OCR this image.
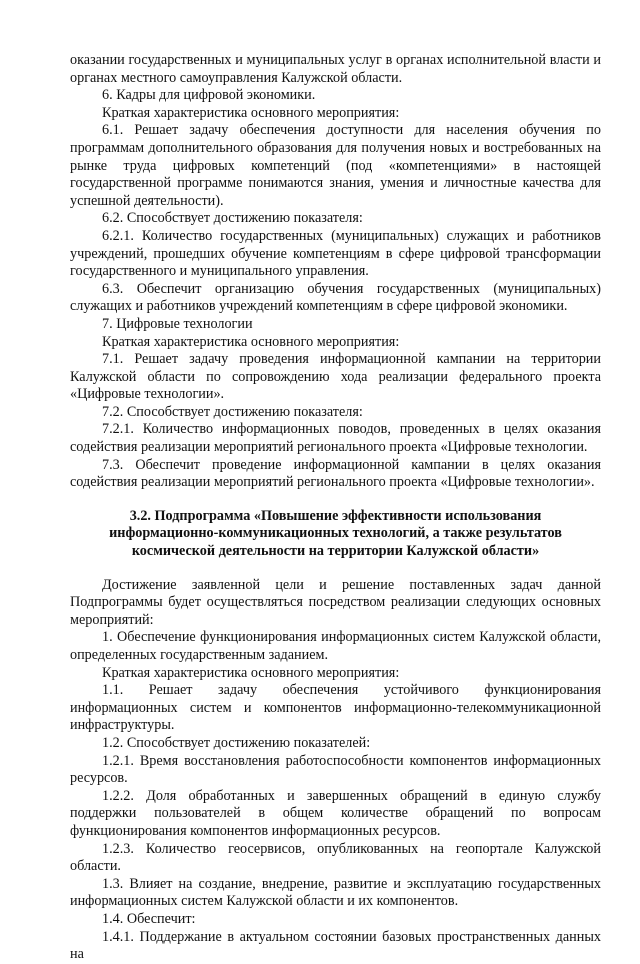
оказании государственных и муниципальных услуг в органах исполнительной власти и органах местного самоуправления Калужской области.

6. Кадры для цифровой экономики.

Краткая характеристика основного мероприятия:

6.1. Решает задачу обеспечения доступности для населения обучения по программам дополнительного образования для получения новых и востребованных на рынке труда цифровых компетенций (под «компетенциями» в настоящей государственной программе понимаются знания, умения и личностные качества для успешной деятельности).

6.2. Способствует достижению показателя:

6.2.1. Количество государственных (муниципальных) служащих и работников учреждений, прошедших обучение компетенциям в сфере цифровой трансформации государственного и муниципального управления.

6.3. Обеспечит организацию обучения государственных (муниципальных) служащих и работников учреждений компетенциям в сфере цифровой экономики.

7. Цифровые технологии

Краткая характеристика основного мероприятия:

7.1. Решает задачу проведения информационной кампании на территории Калужской области по сопровождению хода реализации федерального проекта «Цифровые технологии».

7.2. Способствует достижению показателя:

7.2.1. Количество информационных поводов, проведенных в целях оказания содействия реализации мероприятий регионального проекта «Цифровые технологии.

7.3. Обеспечит проведение информационной кампании в целях оказания содействия реализации мероприятий регионального проекта «Цифровые технологии».

3.2. Подпрограмма «Повышение эффективности использования информационно-коммуникационных технологий, а также результатов космической деятельности на территории Калужской области»

Достижение заявленной цели и решение поставленных задач данной Подпрограммы будет осуществляться посредством реализации следующих основных мероприятий:

1. Обеспечение функционирования информационных систем Калужской области, определенных государственным заданием.

Краткая характеристика основного мероприятия:

1.1. Решает задачу обеспечения устойчивого функционирования информационных систем и компонентов информационно-телекоммуникационной инфраструктуры.

1.2. Способствует достижению показателей:

1.2.1. Время восстановления работоспособности компонентов информационных ресурсов.

1.2.2. Доля обработанных и завершенных обращений в единую службу поддержки пользователей в общем количестве обращений по вопросам функционирования компонентов информационных ресурсов.

1.2.3. Количество геосервисов, опубликованных на геопортале Калужской области.

1.3. Влияет на создание, внедрение, развитие и эксплуатацию государственных информационных систем Калужской области и их компонентов.

1.4. Обеспечит:

1.4.1. Поддержание в актуальном состоянии базовых пространственных данных на
